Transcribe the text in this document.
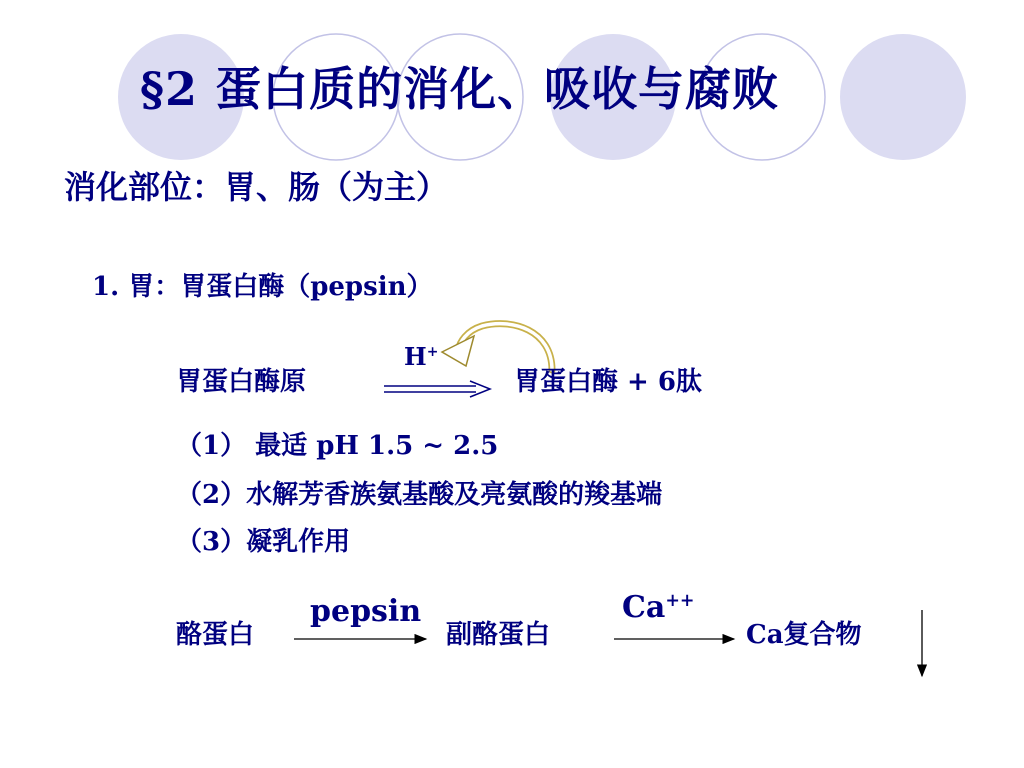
§2 蛋白质的消化、吸收与腐败
消化部位：胃、肠（为主）
1. 胃：胃蛋白酶（pepsin）
胃蛋白酶原
H+
胃蛋白酶 + 6肽
（1） 最适 pH 1.5 ~ 2.5
（2）水解芳香族氨基酸及亮氨酸的羧基端
（3）凝乳作用
酪蛋白
pepsin
副酪蛋白
Ca++
Ca复合物
